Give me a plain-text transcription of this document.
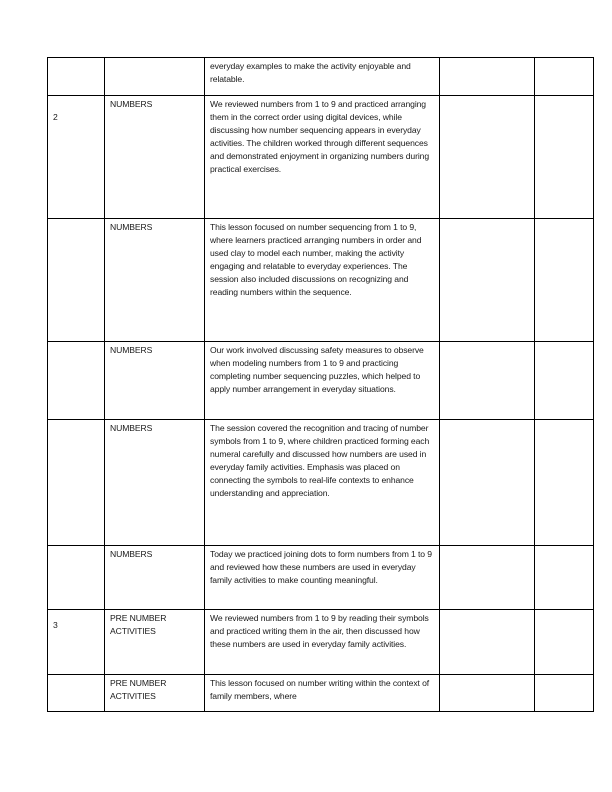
		everyday examples to make the activity enjoyable and relatable.		

2	NUMBERS	We reviewed numbers from 1 to 9 and practiced arranging them in the correct order using digital devices, while discussing how number sequencing appears in everyday activities. The children worked through different sequences and demonstrated enjoyment in organizing numbers during practical exercises.		

	NUMBERS	This lesson focused on number sequencing from 1 to 9, where learners practiced arranging numbers in order and used clay to model each number, making the activity engaging and relatable to everyday experiences. The session also included discussions on recognizing and reading numbers within the sequence.		

	NUMBERS	Our work involved discussing safety measures to observe when modeling numbers from 1 to 9 and practicing completing number sequencing puzzles, which helped to apply number arrangement in everyday situations.		

	NUMBERS	The session covered the recognition and tracing of number symbols from 1 to 9, where children practiced forming each numeral carefully and discussed how numbers are used in everyday family activities. Emphasis was placed on connecting the symbols to real-life contexts to enhance understanding and appreciation.		

	NUMBERS	Today we practiced joining dots to form numbers from 1 to 9 and reviewed how these numbers are used in everyday family activities to make counting meaningful.		

3	PRE NUMBER ACTIVITIES	We reviewed numbers from 1 to 9 by reading their symbols and practiced writing them in the air, then discussed how these numbers are used in everyday family activities.		

	PRE NUMBER ACTIVITIES	This lesson focused on number writing within the context of family members, where		
